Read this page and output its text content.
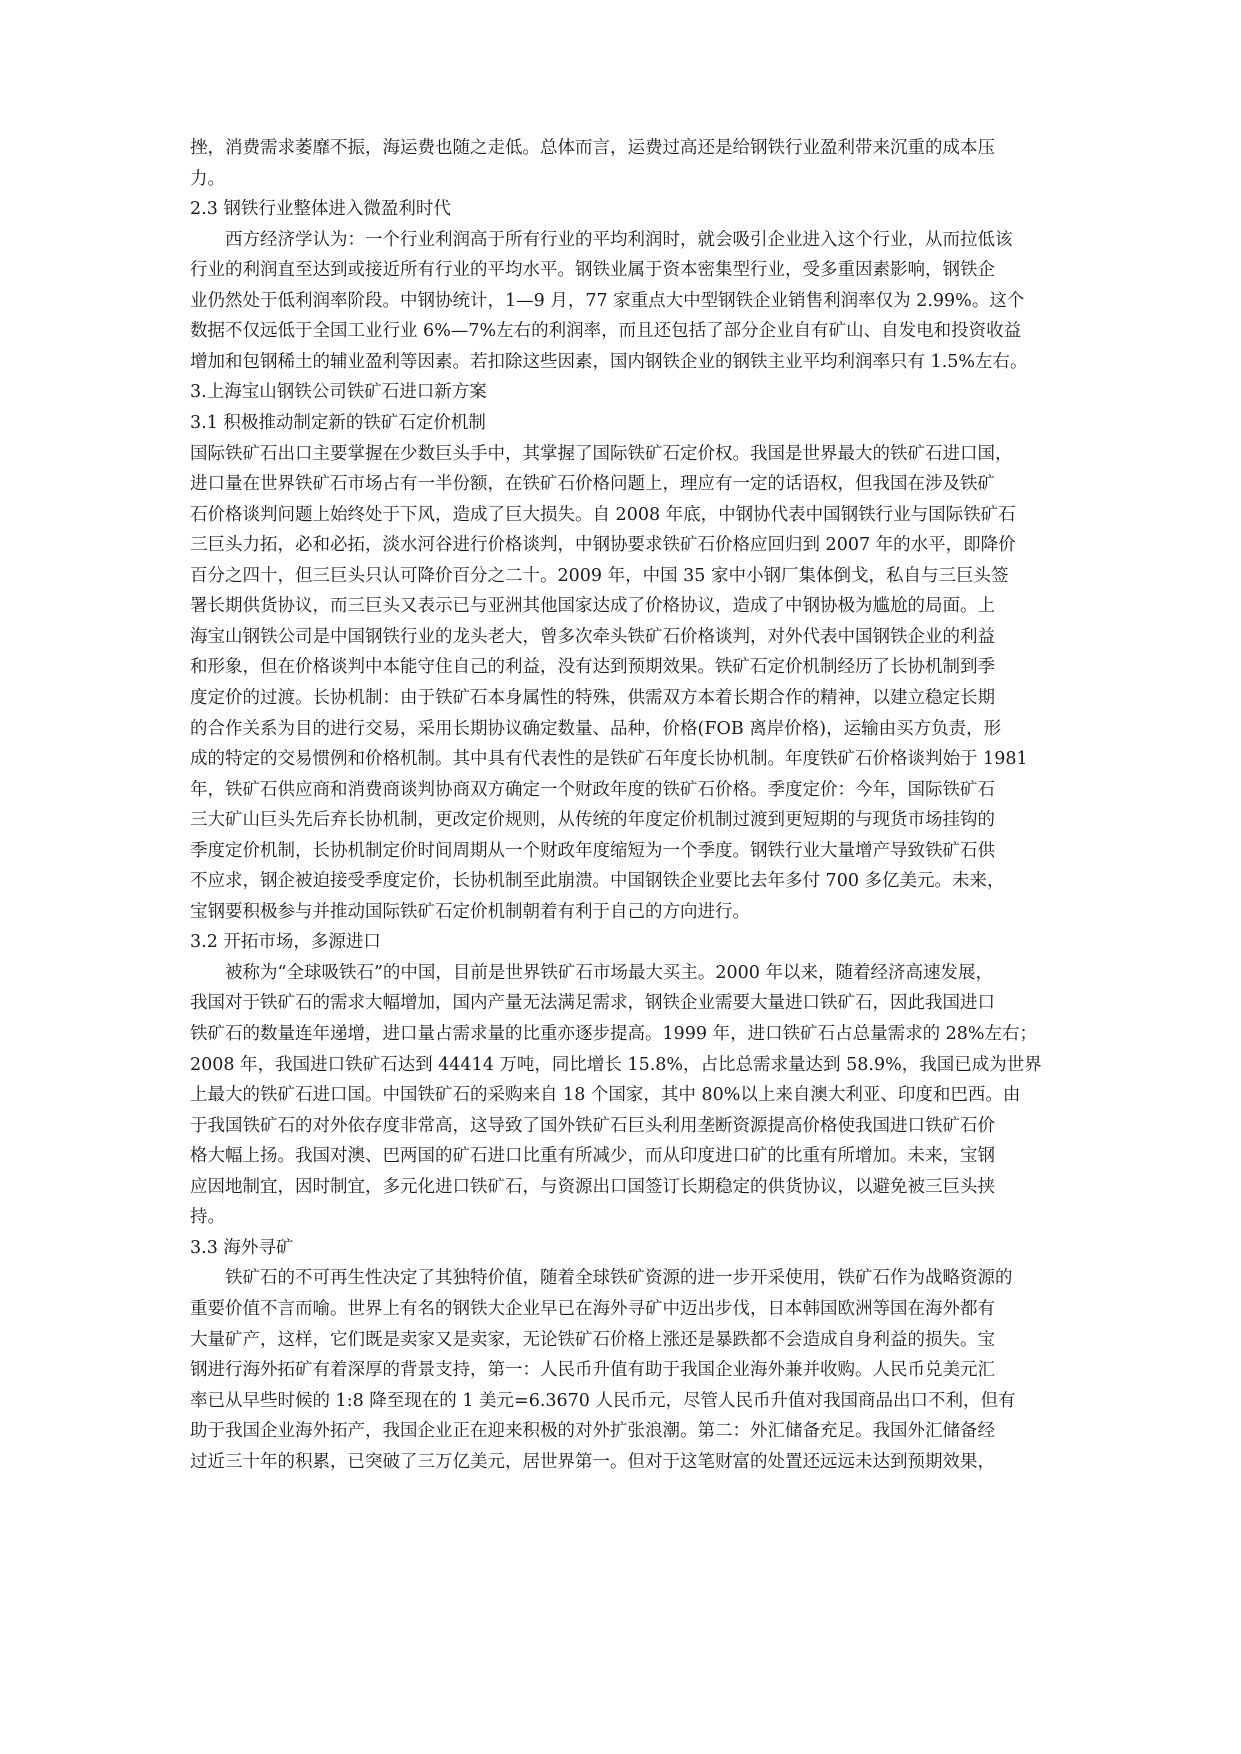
挫，消费需求萎靡不振，海运费也随之走低。总体而言，运费过高还是给钢铁行业盈利带来沉重的成本压
力。
2.3 钢铁行业整体进入微盈利时代
西方经济学认为：一个行业利润高于所有行业的平均利润时，就会吸引企业进入这个行业，从而拉低该
行业的利润直至达到或接近所有行业的平均水平。钢铁业属于资本密集型行业，受多重因素影响，钢铁企
业仍然处于低利润率阶段。中钢协统计，1—9 月，77 家重点大中型钢铁企业销售利润率仅为 2.99%。这个
数据不仅远低于全国工业行业 6%—7%左右的利润率，而且还包括了部分企业自有矿山、自发电和投资收益
增加和包钢稀土的辅业盈利等因素。若扣除这些因素，国内钢铁企业的钢铁主业平均利润率只有 1.5%左右。
3.上海宝山钢铁公司铁矿石进口新方案
3.1 积极推动制定新的铁矿石定价机制
国际铁矿石出口主要掌握在少数巨头手中，其掌握了国际铁矿石定价权。我国是世界最大的铁矿石进口国，
进口量在世界铁矿石市场占有一半份额，在铁矿石价格问题上，理应有一定的话语权，但我国在涉及铁矿
石价格谈判问题上始终处于下风，造成了巨大损失。自 2008 年底，中钢协代表中国钢铁行业与国际铁矿石
三巨头力拓，必和必拓，淡水河谷进行价格谈判，中钢协要求铁矿石价格应回归到 2007 年的水平，即降价
百分之四十，但三巨头只认可降价百分之二十。2009 年，中国 35 家中小钢厂集体倒戈，私自与三巨头签
署长期供货协议，而三巨头又表示已与亚洲其他国家达成了价格协议，造成了中钢协极为尴尬的局面。上
海宝山钢铁公司是中国钢铁行业的龙头老大，曾多次牵头铁矿石价格谈判，对外代表中国钢铁企业的利益
和形象，但在价格谈判中本能守住自己的利益，没有达到预期效果。铁矿石定价机制经历了长协机制到季
度定价的过渡。长协机制：由于铁矿石本身属性的特殊，供需双方本着长期合作的精神，以建立稳定长期
的合作关系为目的进行交易，采用长期协议确定数量、品种，价格(FOB 离岸价格)，运输由买方负责，形
成的特定的交易惯例和价格机制。其中具有代表性的是铁矿石年度长协机制。年度铁矿石价格谈判始于 1981
年，铁矿石供应商和消费商谈判协商双方确定一个财政年度的铁矿石价格。季度定价：今年，国际铁矿石
三大矿山巨头先后弃长协机制，更改定价规则，从传统的年度定价机制过渡到更短期的与现货市场挂钩的
季度定价机制，长协机制定价时间周期从一个财政年度缩短为一个季度。钢铁行业大量增产导致铁矿石供
不应求，钢企被迫接受季度定价，长协机制至此崩溃。中国钢铁企业要比去年多付 700 多亿美元。未来，
宝钢要积极参与并推动国际铁矿石定价机制朝着有利于自己的方向进行。
3.2 开拓市场，多源进口
被称为“全球吸铁石”的中国，目前是世界铁矿石市场最大买主。2000 年以来，随着经济高速发展，
我国对于铁矿石的需求大幅增加，国内产量无法满足需求，钢铁企业需要大量进口铁矿石，因此我国进口
铁矿石的数量连年递增，进口量占需求量的比重亦逐步提高。1999 年，进口铁矿石占总量需求的 28%左右；
2008 年，我国进口铁矿石达到 44414 万吨，同比增长 15.8%，占比总需求量达到 58.9%，我国已成为世界
上最大的铁矿石进口国。中国铁矿石的采购来自 18 个国家，其中 80%以上来自澳大利亚、印度和巴西。由
于我国铁矿石的对外依存度非常高，这导致了国外铁矿石巨头利用垄断资源提高价格使我国进口铁矿石价
格大幅上扬。我国对澳、巴两国的矿石进口比重有所减少，而从印度进口矿的比重有所增加。未来，宝钢
应因地制宜，因时制宜，多元化进口铁矿石，与资源出口国签订长期稳定的供货协议，以避免被三巨头挟
持。
3.3 海外寻矿
铁矿石的不可再生性决定了其独特价值，随着全球铁矿资源的进一步开采使用，铁矿石作为战略资源的
重要价值不言而喻。世界上有名的钢铁大企业早已在海外寻矿中迈出步伐，日本韩国欧洲等国在海外都有
大量矿产，这样，它们既是卖家又是卖家，无论铁矿石价格上涨还是暴跌都不会造成自身利益的损失。宝
钢进行海外拓矿有着深厚的背景支持，第一：人民币升值有助于我国企业海外兼并收购。人民币兑美元汇
率已从早些时候的 1:8 降至现在的 1 美元=6.3670 人民币元，尽管人民币升值对我国商品出口不利，但有
助于我国企业海外拓产，我国企业正在迎来积极的对外扩张浪潮。第二：外汇储备充足。我国外汇储备经
过近三十年的积累，已突破了三万亿美元，居世界第一。但对于这笔财富的处置还远远未达到预期效果，
